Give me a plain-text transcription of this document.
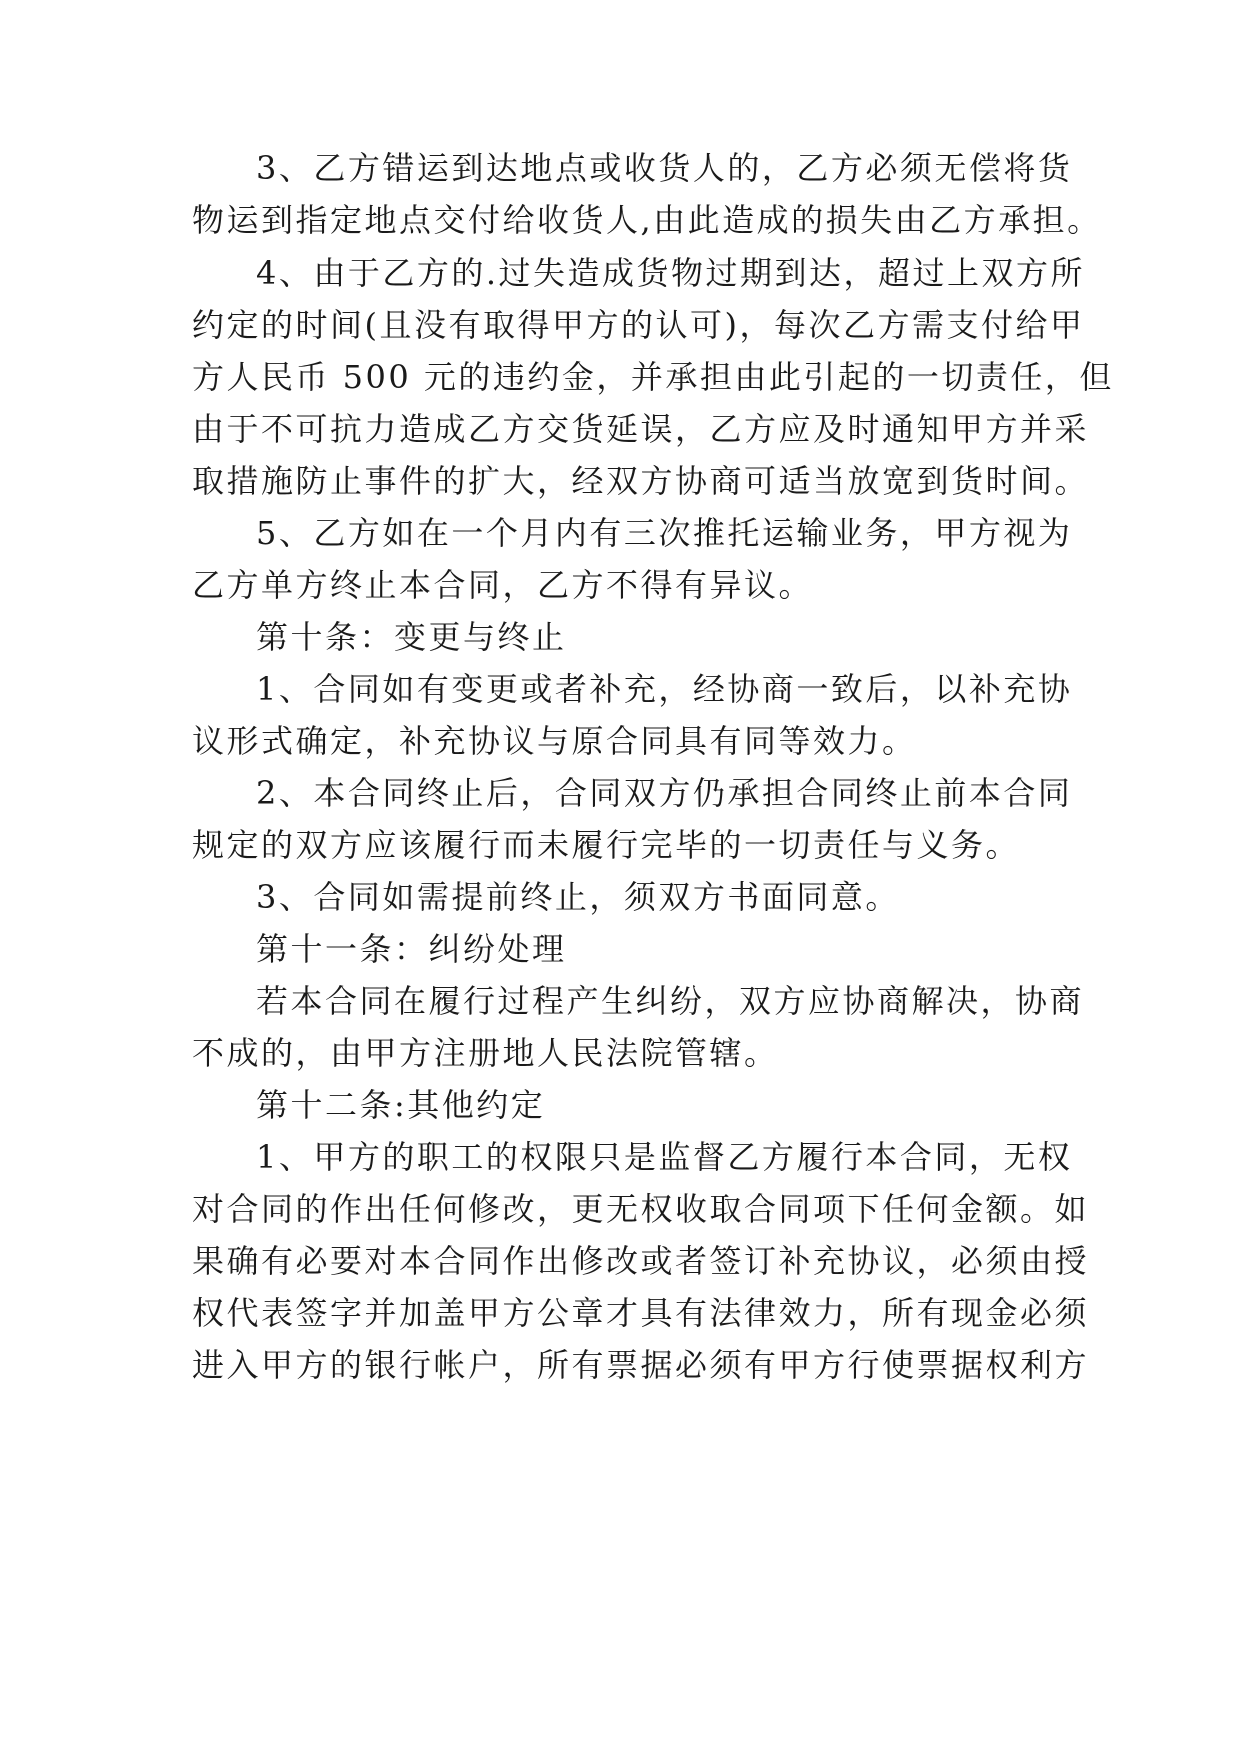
3、乙方错运到达地点或收货人的，乙方必须无偿将货
物运到指定地点交付给收货人,由此造成的损失由乙方承担。
4、由于乙方的.过失造成货物过期到达，超过上双方所
约定的时间(且没有取得甲方的认可)，每次乙方需支付给甲
方人民币 500 元的违约金，并承担由此引起的一切责任，但
由于不可抗力造成乙方交货延误，乙方应及时通知甲方并采
取措施防止事件的扩大，经双方协商可适当放宽到货时间。
5、乙方如在一个月内有三次推托运输业务，甲方视为
乙方单方终止本合同，乙方不得有异议。
第十条：变更与终止
1、合同如有变更或者补充，经协商一致后，以补充协
议形式确定，补充协议与原合同具有同等效力。
2、本合同终止后，合同双方仍承担合同终止前本合同
规定的双方应该履行而未履行完毕的一切责任与义务。
3、合同如需提前终止，须双方书面同意。
第十一条：纠纷处理
若本合同在履行过程产生纠纷，双方应协商解决，协商
不成的，由甲方注册地人民法院管辖。
第十二条:其他约定
1、甲方的职工的权限只是监督乙方履行本合同，无权
对合同的作出任何修改，更无权收取合同项下任何金额。如
果确有必要对本合同作出修改或者签订补充协议，必须由授
权代表签字并加盖甲方公章才具有法律效力，所有现金必须
进入甲方的银行帐户，所有票据必须有甲方行使票据权利方
